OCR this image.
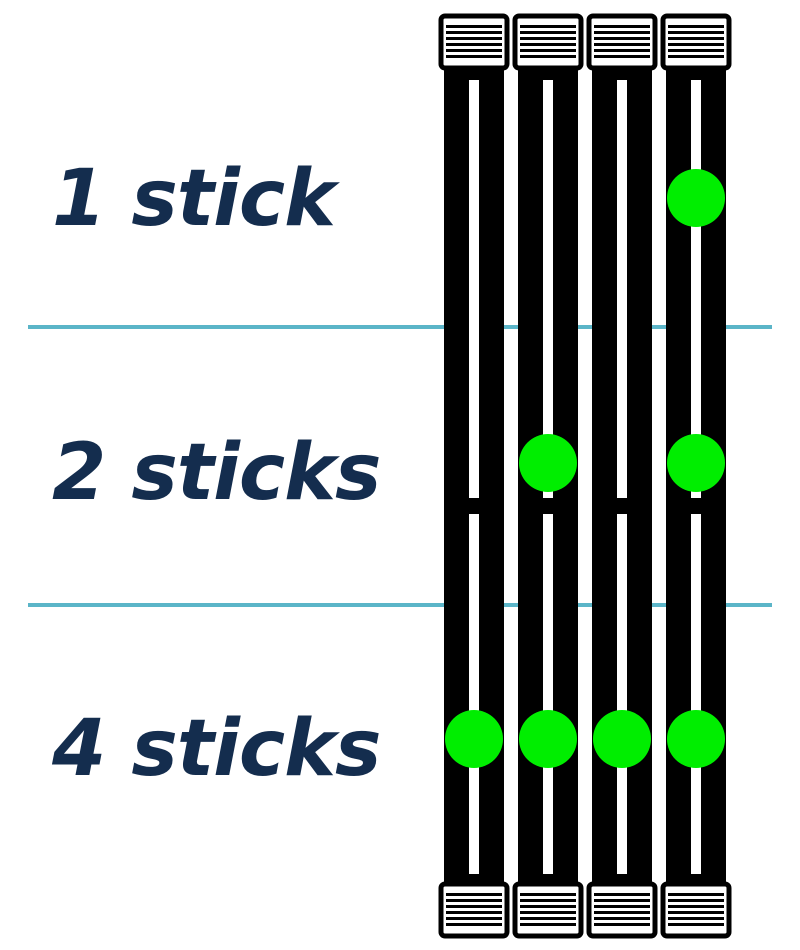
1 stick
2 sticks
4 sticks
